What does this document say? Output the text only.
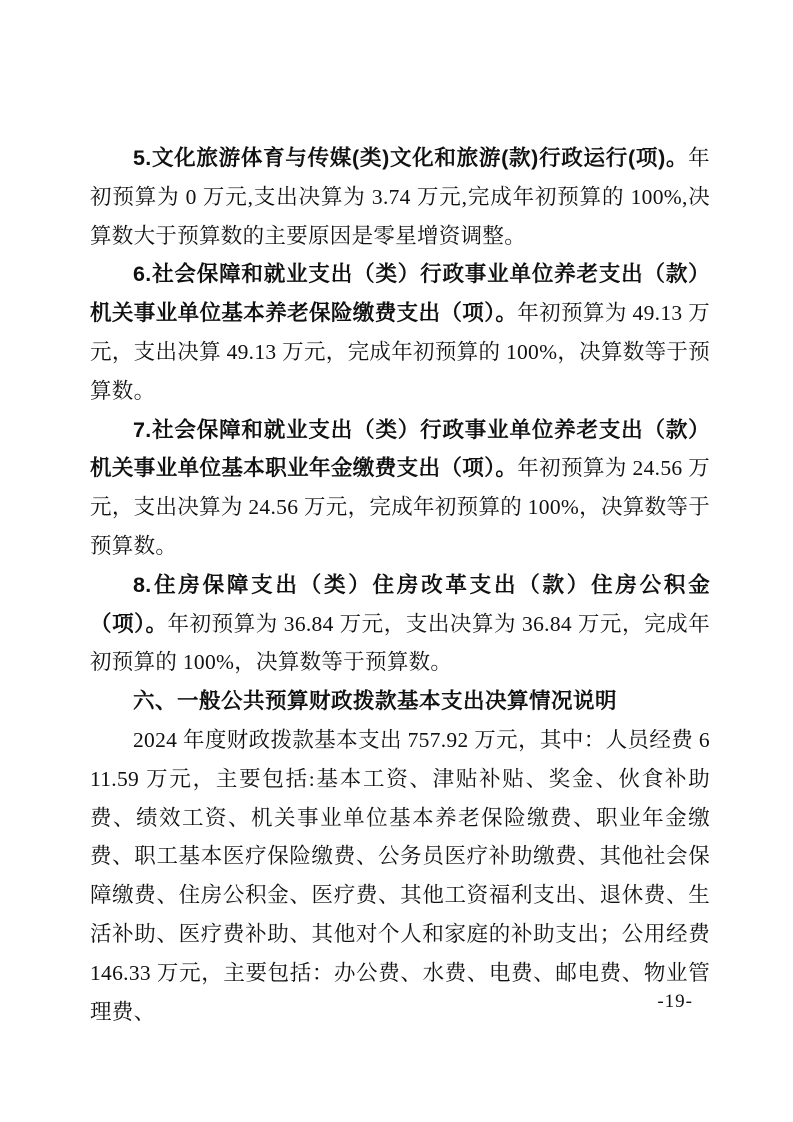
5.文化旅游体育与传媒(类)文化和旅游(款)行政运行(项)。年初预算为 0 万元,支出决算为 3.74 万元,完成年初预算的 100%,决算数大于预算数的主要原因是零星增资调整。

6.社会保障和就业支出（类）行政事业单位养老支出（款）机关事业单位基本养老保险缴费支出（项）。年初预算为 49.13 万元，支出决算 49.13 万元，完成年初预算的 100%，决算数等于预算数。

7.社会保障和就业支出（类）行政事业单位养老支出（款）机关事业单位基本职业年金缴费支出（项）。年初预算为 24.56 万元，支出决算为 24.56 万元，完成年初预算的 100%，决算数等于预算数。

8.住房保障支出（类）住房改革支出（款）住房公积金（项）。年初预算为 36.84 万元，支出决算为 36.84 万元，完成年初预算的 100%，决算数等于预算数。

六、一般公共预算财政拨款基本支出决算情况说明

2024 年度财政拨款基本支出 757.92 万元，其中：人员经费 611.59 万元，主要包括:基本工资、津贴补贴、奖金、伙食补助费、绩效工资、机关事业单位基本养老保险缴费、职业年金缴费、职工基本医疗保险缴费、公务员医疗补助缴费、其他社会保障缴费、住房公积金、医疗费、其他工资福利支出、退休费、生活补助、医疗费补助、其他对个人和家庭的补助支出；公用经费 146.33 万元，主要包括：办公费、水费、电费、邮电费、物业管理费、	-19-
